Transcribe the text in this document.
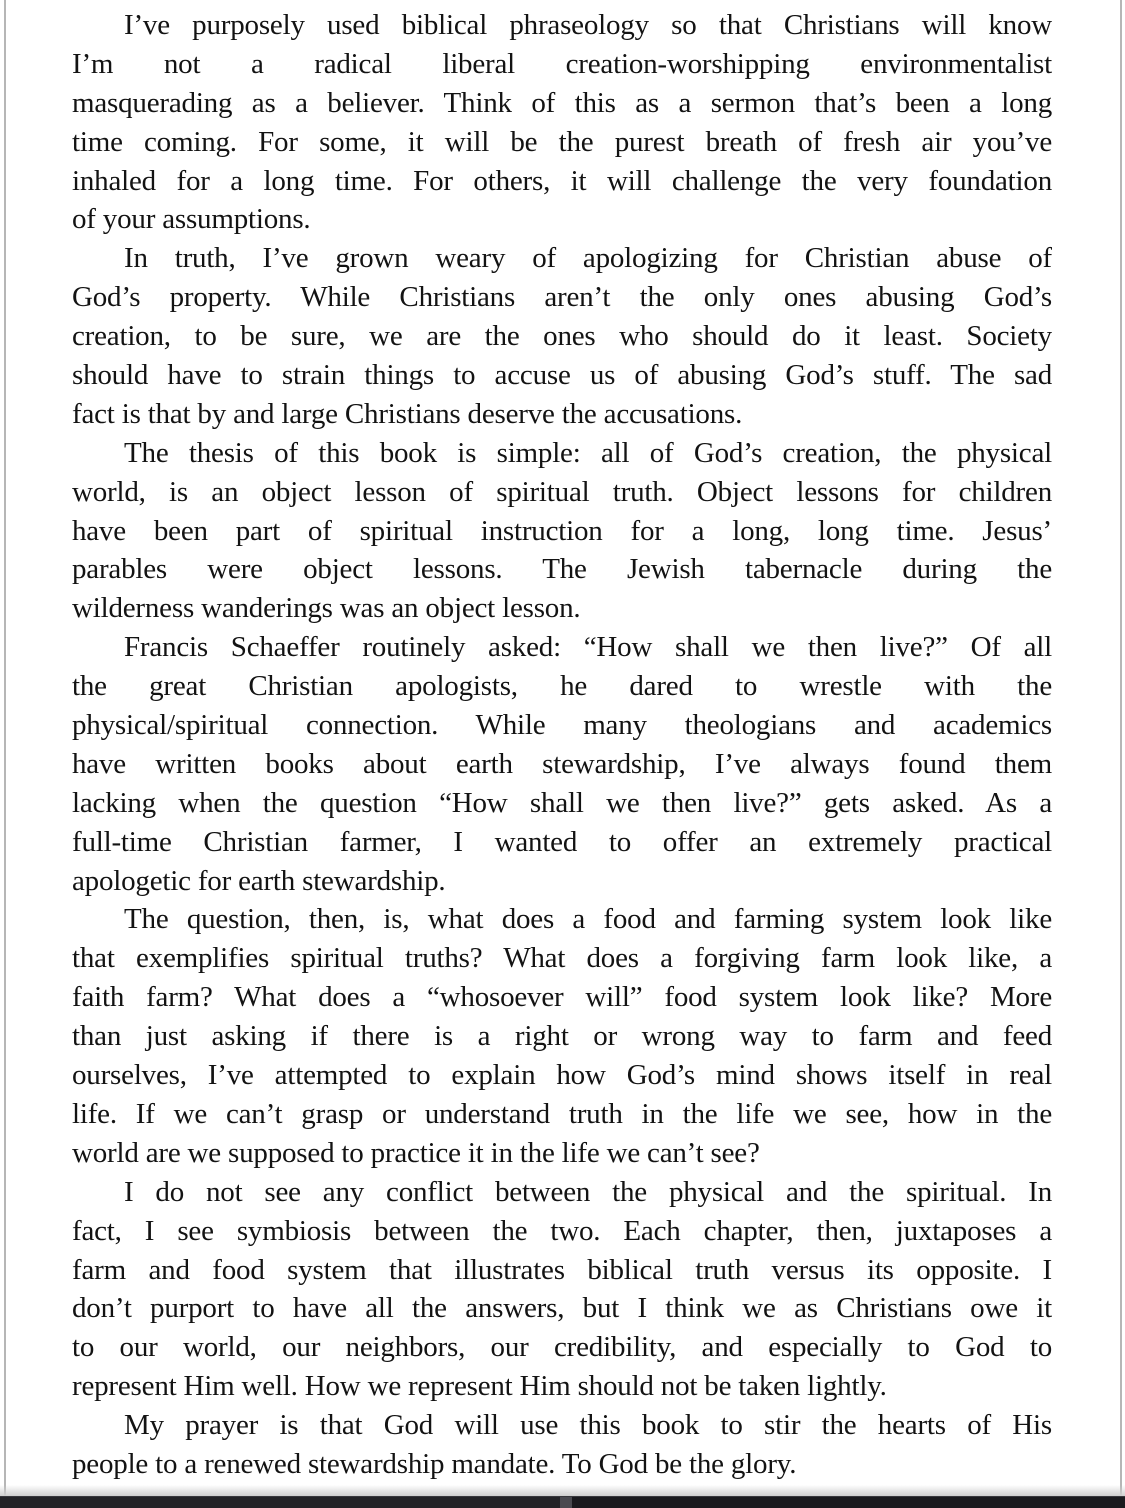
I’ve purposely used biblical phraseology so that Christians will know
I’m not a radical liberal creation-worshipping environmentalist
masquerading as a believer. Think of this as a sermon that’s been a long
time coming. For some, it will be the purest breath of fresh air you’ve
inhaled for a long time. For others, it will challenge the very foundation
of your assumptions.
In truth, I’ve grown weary of apologizing for Christian abuse of
God’s property. While Christians aren’t the only ones abusing God’s
creation, to be sure, we are the ones who should do it least. Society
should have to strain things to accuse us of abusing God’s stuff. The sad
fact is that by and large Christians deserve the accusations.
The thesis of this book is simple: all of God’s creation, the physical
world, is an object lesson of spiritual truth. Object lessons for children
have been part of spiritual instruction for a long, long time. Jesus’
parables were object lessons. The Jewish tabernacle during the
wilderness wanderings was an object lesson.
Francis Schaeffer routinely asked: “How shall we then live?” Of all
the great Christian apologists, he dared to wrestle with the
physical/spiritual connection. While many theologians and academics
have written books about earth stewardship, I’ve always found them
lacking when the question “How shall we then live?” gets asked. As a
full-time Christian farmer, I wanted to offer an extremely practical
apologetic for earth stewardship.
The question, then, is, what does a food and farming system look like
that exemplifies spiritual truths? What does a forgiving farm look like, a
faith farm? What does a “whosoever will” food system look like? More
than just asking if there is a right or wrong way to farm and feed
ourselves, I’ve attempted to explain how God’s mind shows itself in real
life. If we can’t grasp or understand truth in the life we see, how in the
world are we supposed to practice it in the life we can’t see?
I do not see any conflict between the physical and the spiritual. In
fact, I see symbiosis between the two. Each chapter, then, juxtaposes a
farm and food system that illustrates biblical truth versus its opposite. I
don’t purport to have all the answers, but I think we as Christians owe it
to our world, our neighbors, our credibility, and especially to God to
represent Him well. How we represent Him should not be taken lightly.
My prayer is that God will use this book to stir the hearts of His
people to a renewed stewardship mandate. To God be the glory.
